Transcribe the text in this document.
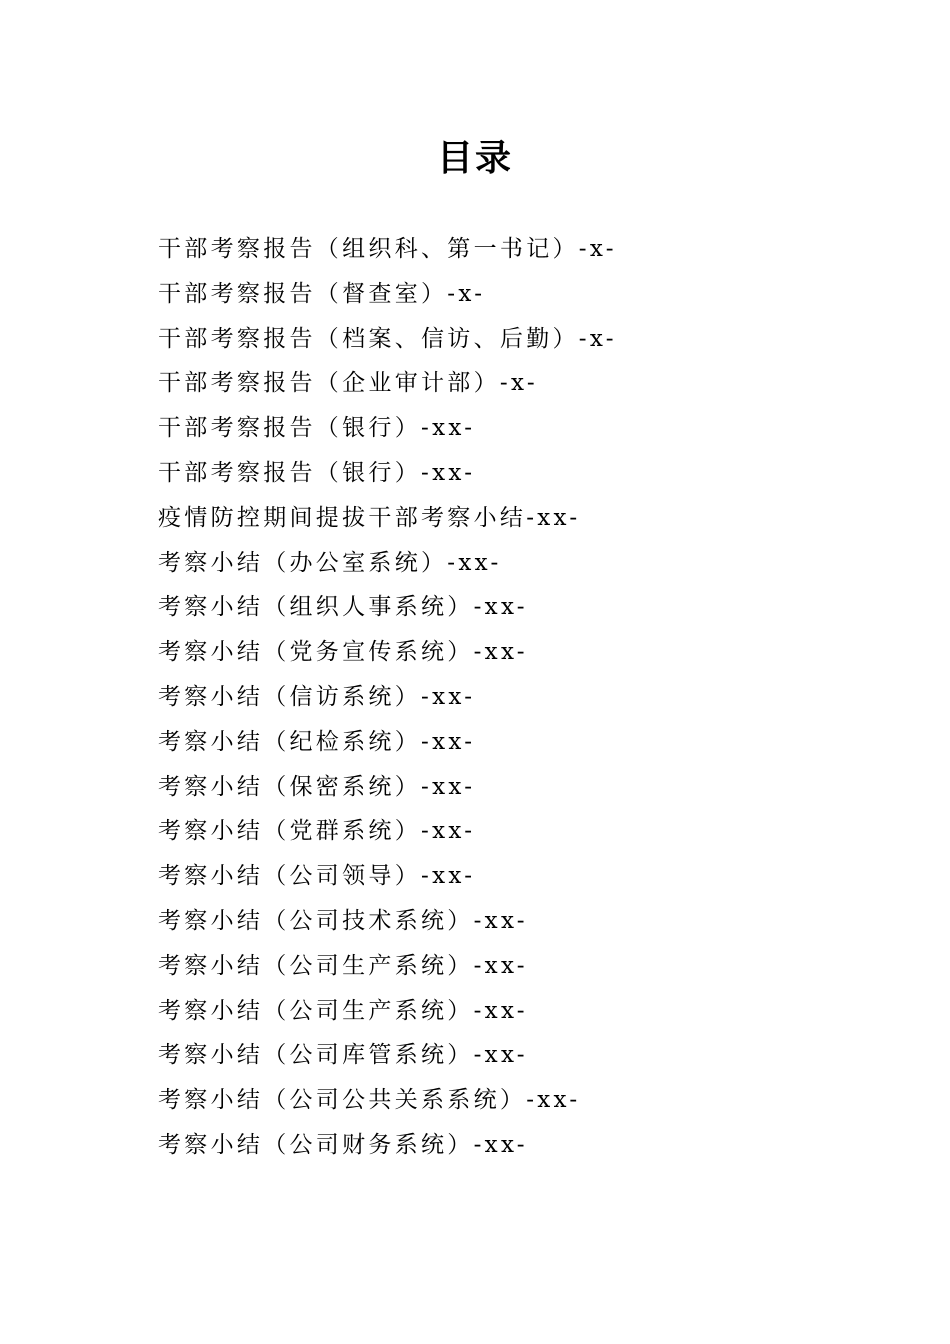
目录
干部考察报告（组织科、第一书记）-x-
干部考察报告（督查室）-x-
干部考察报告（档案、信访、后勤）-x-
干部考察报告（企业审计部）-x-
干部考察报告（银行）-xx-
干部考察报告（银行）-xx-
疫情防控期间提拔干部考察小结-xx-
考察小结（办公室系统）-xx-
考察小结（组织人事系统）-xx-
考察小结（党务宣传系统）-xx-
考察小结（信访系统）-xx-
考察小结（纪检系统）-xx-
考察小结（保密系统）-xx-
考察小结（党群系统）-xx-
考察小结（公司领导）-xx-
考察小结（公司技术系统）-xx-
考察小结（公司生产系统）-xx-
考察小结（公司生产系统）-xx-
考察小结（公司库管系统）-xx-
考察小结（公司公共关系系统）-xx-
考察小结（公司财务系统）-xx-
